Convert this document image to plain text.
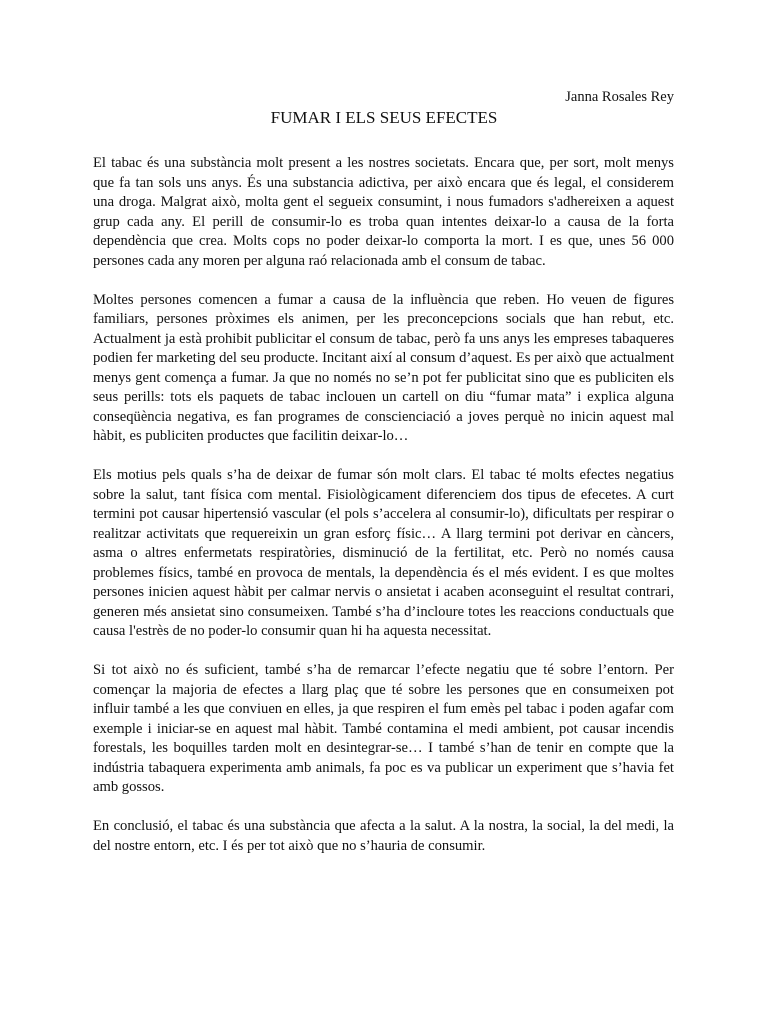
Janna Rosales Rey
FUMAR I ELS SEUS EFECTES

El tabac és una substància molt present a les nostres societats. Encara que, per sort, molt menys que fa tan sols uns anys. És una substancia adictiva, per això encara que és legal, el considerem una droga. Malgrat això, molta gent el segueix consumint, i nous fumadors s'adhereixen a aquest grup cada any. El perill de consumir-lo es troba quan intentes deixar-lo a causa de la forta dependència que crea. Molts cops no poder deixar-lo comporta la mort. I es que, unes 56 000 persones cada any moren per alguna raó relacionada amb el consum de tabac.

Moltes persones comencen a fumar a causa de la influència que reben. Ho veuen de figures familiars, persones pròximes els animen, per les preconcepcions socials que han rebut, etc. Actualment ja està prohibit publicitar el consum de tabac, però fa uns anys les empreses tabaqueres podien fer marketing del seu producte. Incitant així al consum d’aquest. Es per això que actualment menys gent comença a fumar. Ja que no només no se’n pot fer publicitat sino que es publiciten els seus perills: tots els paquets de tabac inclouen un cartell on diu “fumar mata” i explica alguna conseqüència negativa, es fan programes de conscienciació a joves perquè no inicin aquest mal hàbit, es publiciten productes que facilitin deixar-lo…

Els motius pels quals s’ha de deixar de fumar són molt clars. El tabac té molts efectes negatius sobre la salut, tant física com mental. Fisiològicament diferenciem dos tipus de efecetes. A curt termini pot causar hipertensió vascular (el pols s’accelera al consumir-lo), dificultats per respirar o realitzar activitats que requereixin un gran esforç físic… A llarg termini pot derivar en càncers, asma o altres enfermetats respiratòries, disminució de la fertilitat, etc. Però no només causa problemes físics, també en provoca de mentals, la dependència és el més evident. I es que moltes persones inicien aquest hàbit per calmar nervis o ansietat i acaben aconseguint el resultat contrari, generen més ansietat sino consumeixen. També s’ha d’incloure totes les reaccions conductuals que causa l'estrès de no poder-lo consumir quan hi ha aquesta necessitat.

Si tot això no és suficient, també s’ha de remarcar l’efecte negatiu que té sobre l’entorn. Per començar la majoria de efectes a llarg plaç que té sobre les persones que en consumeixen pot influir també a les que conviuen en elles, ja que respiren el fum emès pel tabac i poden agafar com exemple i iniciar-se en aquest mal hàbit. També contamina el medi ambient, pot causar incendis forestals, les boquilles tarden molt en desintegrar-se… I també s’han de tenir en compte que la indústria tabaquera experimenta amb animals, fa poc es va publicar un experiment que s’havia fet amb gossos.

En conclusió, el tabac és una substància que afecta a la salut. A la nostra, la social, la del medi, la del nostre entorn, etc. I és per tot això que no s’hauria de consumir.
